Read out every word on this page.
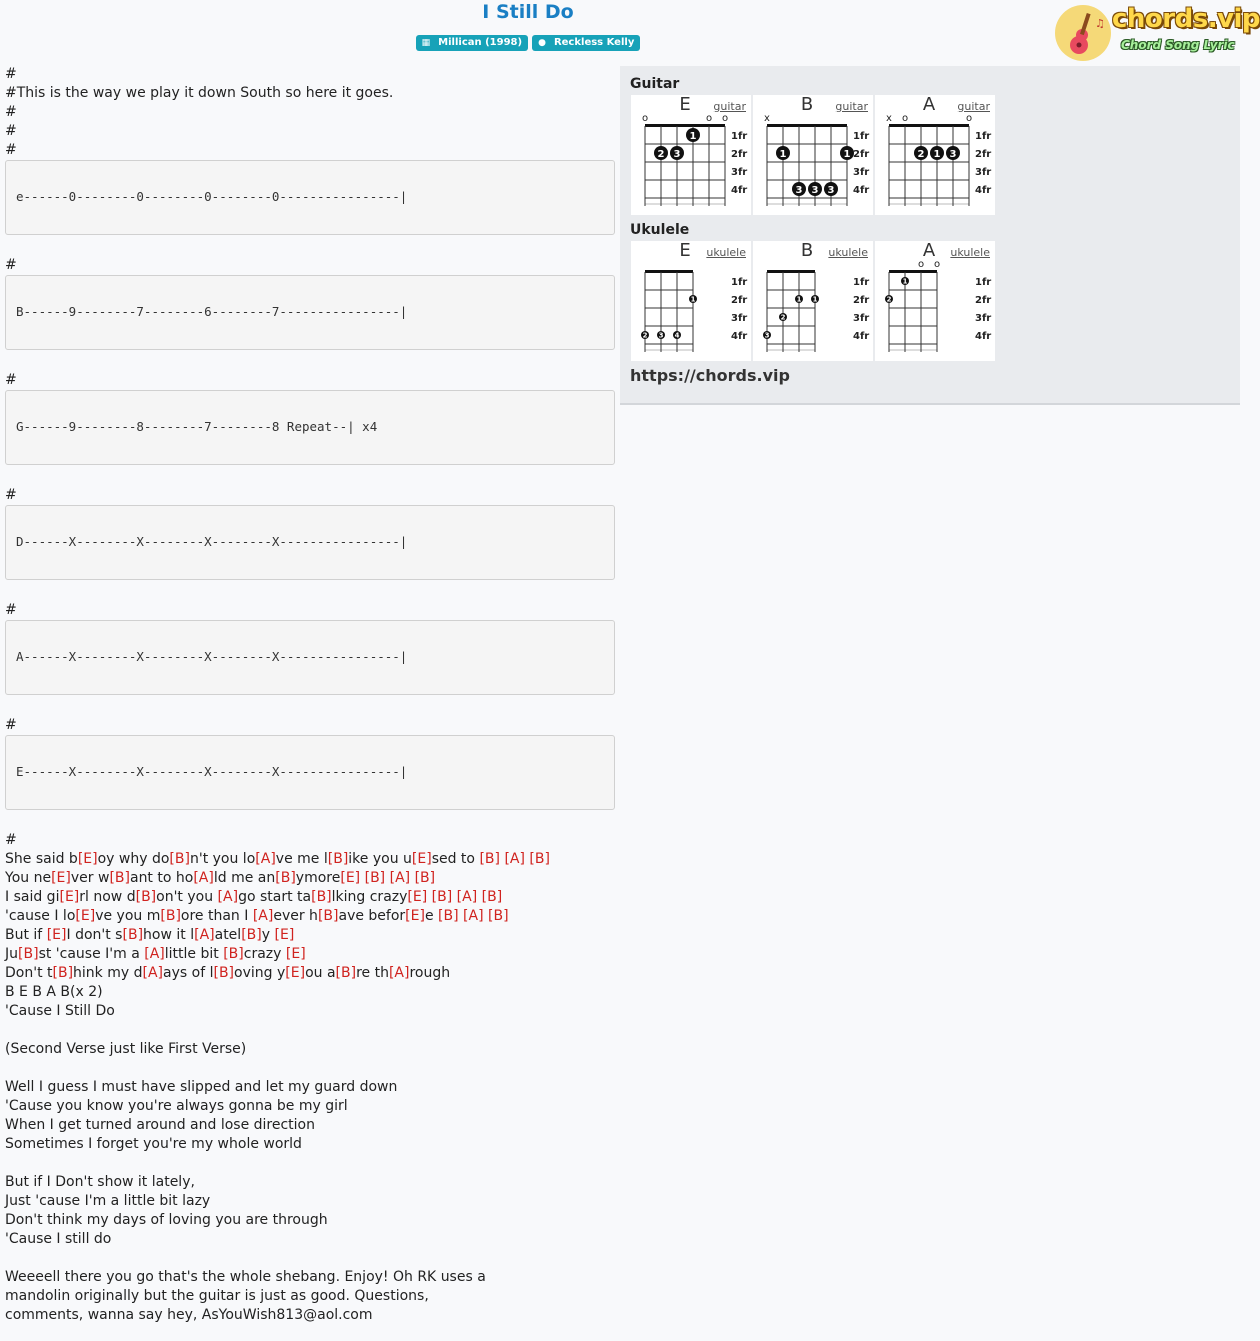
I Still Do
▦ Millican (1998) ● Reckless Kelly
♫ chords.vip
Chord Song Lyric
#
#This is the way we play it down South so here it goes.
#
#
#
e------0--------0--------0--------0----------------|
#
B------9--------7--------6--------7----------------|
#
G------9--------8--------7--------8 Repeat--| x4
#
D------X--------X--------X--------X----------------|
#
A------X--------X--------X--------X----------------|
#
E------X--------X--------X--------X----------------|
#
She said b[E]oy why do[B]n't you lo[A]ve me l[B]ike you u[E]sed to [B] [A] [B]
You ne[E]ver w[B]ant to ho[A]ld me an[B]ymore[E] [B] [A] [B]
I said gi[E]rl now d[B]on't you [A]go start ta[B]lking crazy[E] [B] [A] [B]
'cause I lo[E]ve you m[B]ore than I [A]ever h[B]ave befor[E]e [B] [A] [B]
But if [E]I don't s[B]how it l[A]atel[B]y [E]
Ju[B]st 'cause I'm a [A]little bit [B]crazy [E]
Don't t[B]hink my d[A]ays of l[B]oving y[E]ou a[B]re th[A]rough
B E B A B(x 2)
'Cause I Still Do
(Second Verse just like First Verse)
Well I guess I must have slipped and let my guard down
'Cause you know you're always gonna be my girl
When I get turned around and lose direction
Sometimes I forget you're my whole world
But if I Don't show it lately,
Just 'cause I'm a little bit lazy
Don't think my days of loving you are through
'Cause I still do
Weeeell there you go that's the whole shebang. Enjoy! Oh RK uses a
mandolin originally but the guitar is just as good. Questions,
comments, wanna say hey, AsYouWish813@aol.com
Guitar
o	o o
1
2 3
1fr
2fr
3fr
4fr
E	guitar
x
1	1
3 3 3
1fr
2fr
3fr
4fr
B	guitar
x o	o
2 1 3
1fr
2fr
3fr
4fr
A	guitar
Ukulele
1
2 3 4
1fr
2fr
3fr
4fr
E	ukulele
1 1
2
3
1fr
2fr
3fr
4fr
B	ukulele
o o
1
2
1fr
2fr
3fr
4fr
A	ukulele
https://chords.vip
